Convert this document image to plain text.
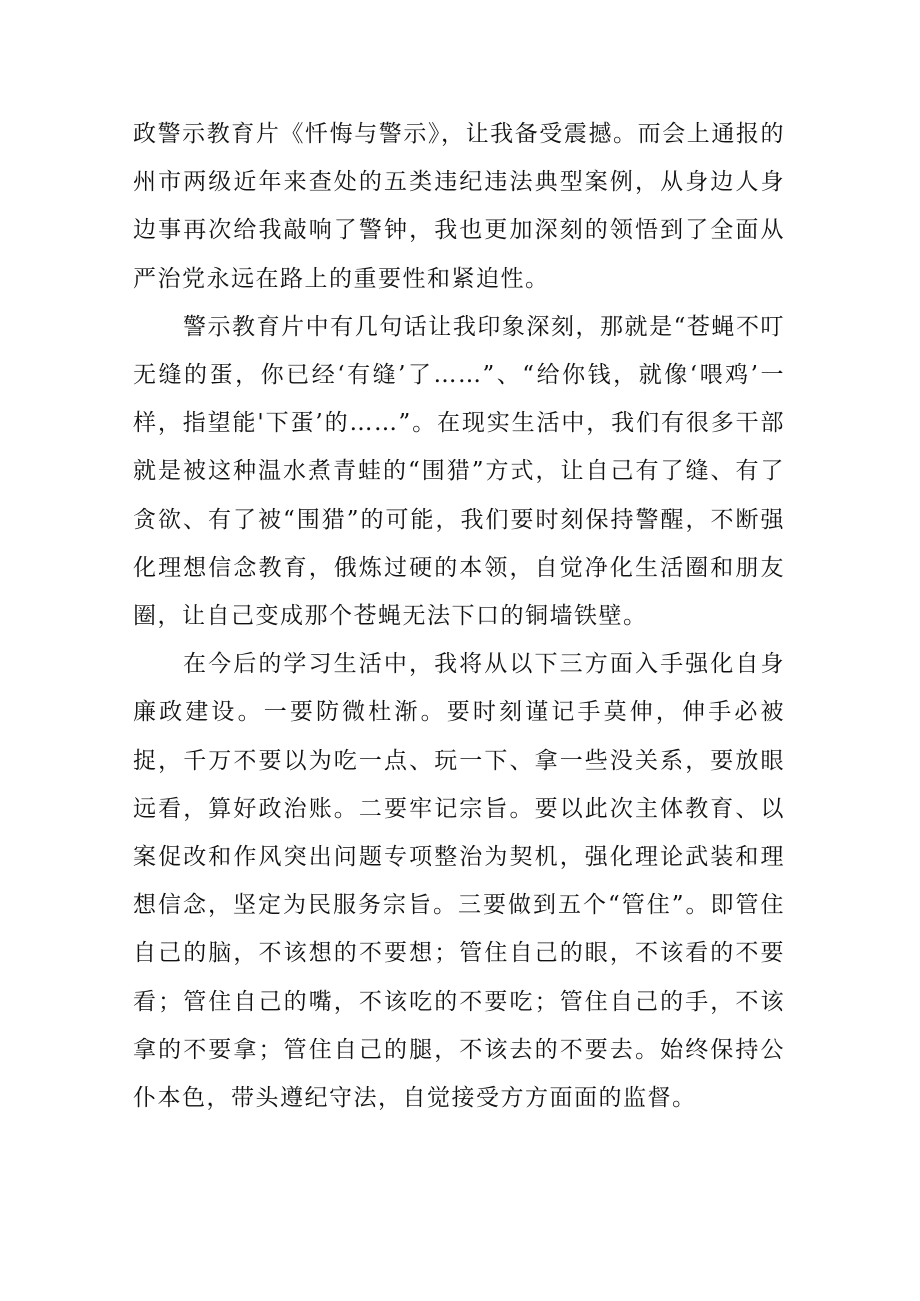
政警示教育片《忏悔与警示》，让我备受震撼。而会上通报的州市两级近年来查处的五类违纪违法典型案例，从身边人身边事再次给我敲响了警钟，我也更加深刻的领悟到了全面从严治党永远在路上的重要性和紧迫性。

警示教育片中有几句话让我印象深刻，那就是“苍蝇不叮无缝的蛋，你已经‘有缝’了……”、“给你钱，就像‘喂鸡’一样，指望能'下蛋’的……”。在现实生活中，我们有很多干部就是被这种温水煮青蛙的“围猎”方式，让自己有了缝、有了贪欲、有了被“围猎”的可能，我们要时刻保持警醒，不断强化理想信念教育，俄炼过硬的本领，自觉净化生活圈和朋友圈，让自己变成那个苍蝇无法下口的铜墙铁壁。

在今后的学习生活中，我将从以下三方面入手强化自身廉政建设。一要防微杜渐。要时刻谨记手莫伸，伸手必被捉，千万不要以为吃一点、玩一下、拿一些没关系，要放眼远看，算好政治账。二要牢记宗旨。要以此次主体教育、以案促改和作风突出问题专项整治为契机，强化理论武装和理想信念，坚定为民服务宗旨。三要做到五个“管住”。即管住自己的脑，不该想的不要想；管住自己的眼，不该看的不要看；管住自己的嘴，不该吃的不要吃；管住自己的手，不该拿的不要拿；管住自己的腿，不该去的不要去。始终保持公仆本色，带头遵纪守法，自觉接受方方面面的监督。
